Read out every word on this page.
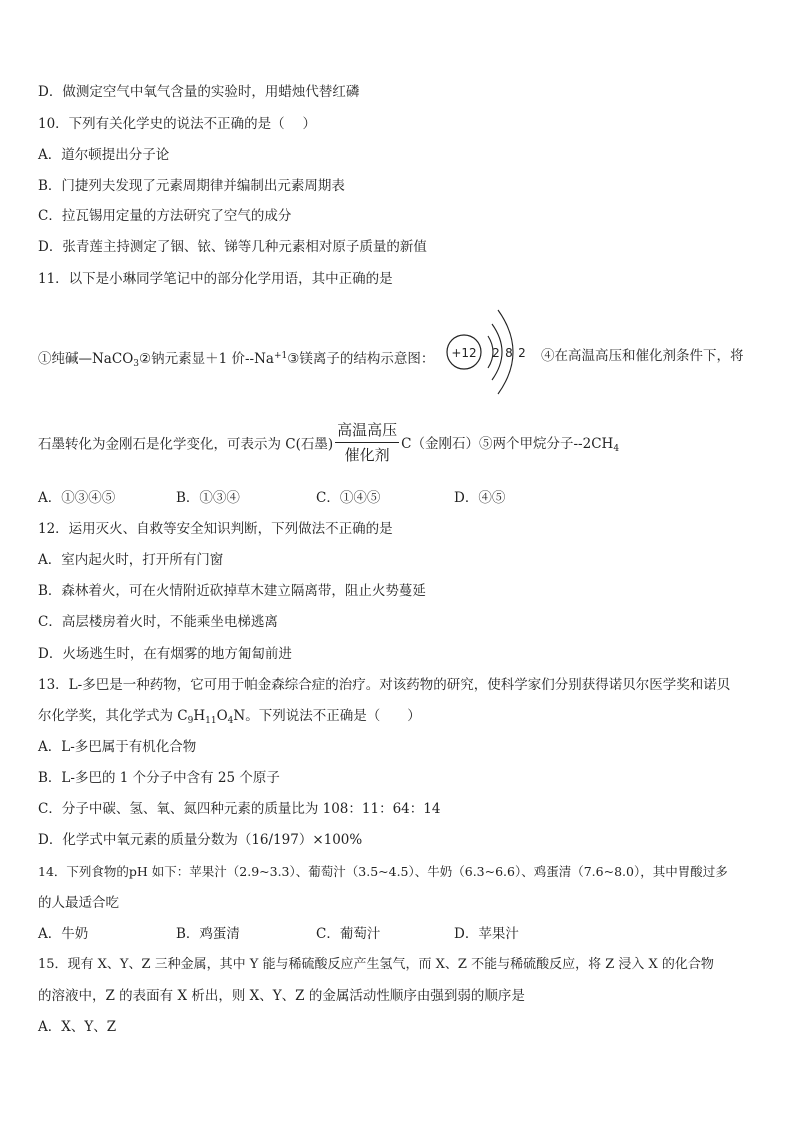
D．做测定空气中氧气含量的实验时，用蜡烛代替红磷
10．下列有关化学史的说法不正确的是（　 ）
A．道尔顿提出分子论
B．门捷列夫发现了元素周期律并编制出元素周期表
C．拉瓦锡用定量的方法研究了空气的成分
D．张青莲主持测定了铟、铱、锑等几种元素相对原子质量的新值
11．以下是小琳同学笔记中的部分化学用语，其中正确的是
①纯碱—NaCO$_3$②钠元素显＋1 价$--Na^{+1}③$镁离子的结构示意图： +12 2 8 2 ④在高温高压和催化剂条件下，将
石墨转化为金刚石是化学变化，可表示为 C(石墨) $\frac{\text{高温高压}}{\text{催化剂}} C$（金刚石）⑤两个甲烷分子$--2CH_4$
A．①③④⑤	B．①③④	C．①④⑤	D．④⑤
12．运用灭火、自救等安全知识判断，下列做法不正确的是
A．室内起火时，打开所有门窗
B．森林着火，可在火情附近砍掉草木建立隔离带，阻止火势蔓延
C．高层楼房着火时，不能乘坐电梯逃离
D．火场逃生时，在有烟雾的地方匍匐前进
13．L-多巴是一种药物，它可用于帕金森综合症的治疗。对该药物的研究，使科学家们分别获得诺贝尔医学奖和诺贝
尔化学奖，其化学式为 $C_9H_{11}O_4N$。下列说法不正确是（　　）
A．L-多巴属于有机化合物
B．L-多巴的 1 个分子中含有 25 个原子
C．分子中碳、氢、氧、氮四种元素的质量比为 108：11：64：14
D．化学式中氧元素的质量分数为（16/197）×100%
14．下列食物的pH 如下：苹果汁（2.9~3.3）、葡萄汁（3.5~4.5）、牛奶（6.3~6.6）、鸡蛋清（7.6~8.0），其中胃酸过多
的人最适合吃
A．牛奶	B．鸡蛋清	C．葡萄汁	D．苹果汁
15．现有 X、Y、Z 三种金属，其中 Y 能与稀硫酸反应产生氢气，而 X、Z 不能与稀硫酸反应，将 Z 浸入 X 的化合物
的溶液中，Z 的表面有 X 析出，则 X、Y、Z 的金属活动性顺序由强到弱的顺序是
A．X、Y、Z
